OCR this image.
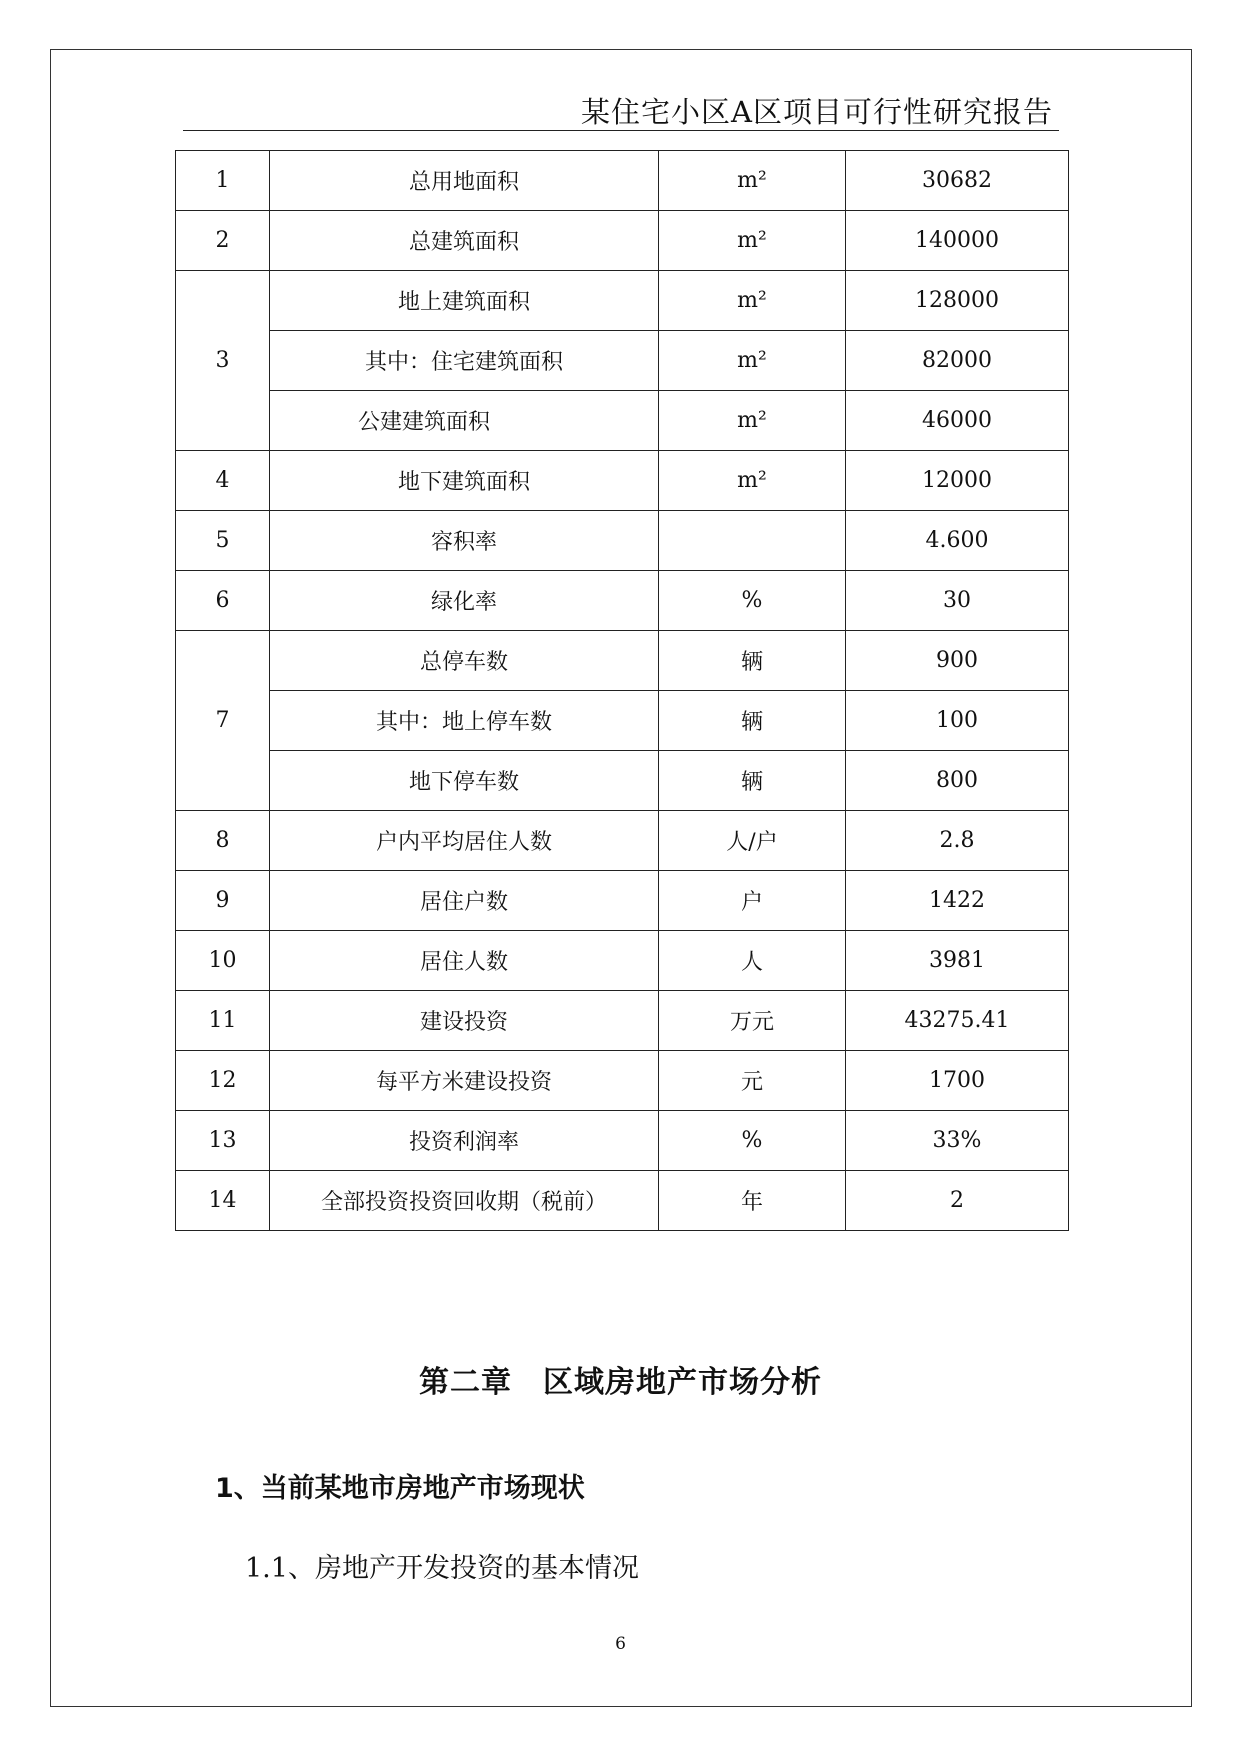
某住宅小区A区项目可行性研究报告
1	总用地面积	m²	30682
2	总建筑面积	m²	140000
3	地上建筑面积	m²	128000
	其中：住宅建筑面积	m²	82000
	公建建筑面积	m²	46000
4	地下建筑面积	m²	12000
5	容积率		4.600
6	绿化率	%	30
7	总停车数	辆	900
	其中：地上停车数	辆	100
	地下停车数	辆	800
8	户内平均居住人数	人/户	2.8
9	居住户数	户	1422
10	居住人数	人	3981
11	建设投资	万元	43275.41
12	每平方米建设投资	元	1700
13	投资利润率	%	33%
14	全部投资投资回收期（税前）	年	2
第二章　区域房地产市场分析
1、当前某地市房地产市场现状
1.1、房地产开发投资的基本情况
6
